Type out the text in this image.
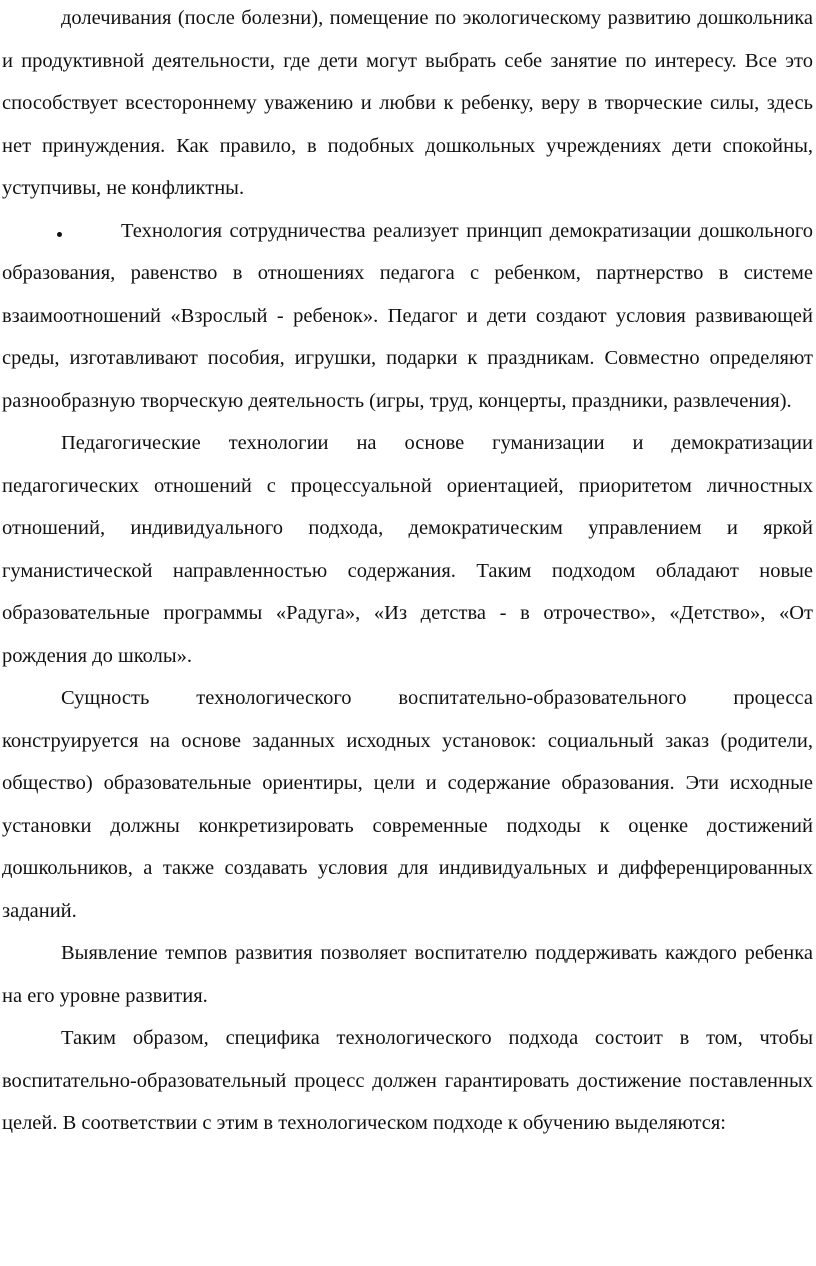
долечивания (после болезни), помещение по экологическому развитию дошкольника и продуктивной деятельности, где дети могут выбрать себе занятие по интересу. Все это способствует всестороннему уважению и любви к ребенку, веру в творческие силы, здесь нет принуждения. Как правило, в подобных дошкольных учреждениях дети спокойны, уступчивы, не конфликтны.

Технология сотрудничества реализует принцип демократизации дошкольного образования, равенство в отношениях педагога с ребенком, партнерство в системе взаимоотношений «Взрослый - ребенок». Педагог и дети создают условия развивающей среды, изготавливают пособия, игрушки, подарки к праздникам. Совместно определяют разнообразную творческую деятельность (игры, труд, концерты, праздники, развлечения).

Педагогические технологии на основе гуманизации и демократизации педагогических отношений с процессуальной ориентацией, приоритетом личностных отношений, индивидуального подхода, демократическим управлением и яркой гуманистической направленностью содержания. Таким подходом обладают новые образовательные программы «Радуга», «Из детства - в отрочество», «Детство», «От рождения до школы».

Сущность технологического воспитательно-образовательного процесса конструируется на основе заданных исходных установок: социальный заказ (родители, общество) образовательные ориентиры, цели и содержание образования. Эти исходные установки должны конкретизировать современные подходы к оценке достижений дошкольников, а также создавать условия для индивидуальных и дифференцированных заданий.

Выявление темпов развития позволяет воспитателю поддерживать каждого ребенка на его уровне развития.

Таким образом, специфика технологического подхода состоит в том, чтобы воспитательно-образовательный процесс должен гарантировать достижение поставленных целей. В соответствии с этим в технологическом подходе к обучению выделяются:
